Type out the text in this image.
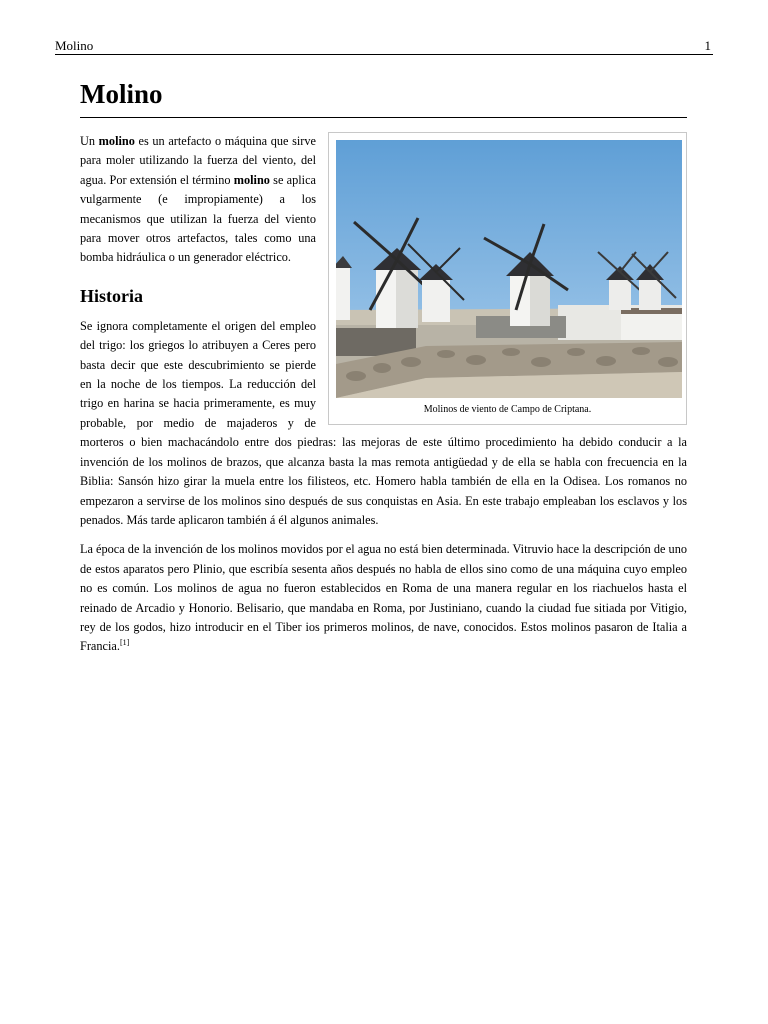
Molino	1
Molino
Molinos de viento de Campo de Criptana.

Un molino es un artefacto o máquina que sirve para moler utilizando la fuerza del viento, del agua. Por extensión el término molino se aplica vulgarmente (e impropiamente) a los mecanismos que utilizan la fuerza del viento para mover otros artefactos, tales como una bomba hidráulica o un generador eléctrico.

Historia

Se ignora completamente el origen del empleo del trigo: los griegos lo atribuyen a Ceres pero basta decir que este descubrimiento se pierde en la noche de los tiempos. La reducción del trigo en harina se hacia primeramente, es muy probable, por medio de majaderos y de morteros o bien machacándolo entre dos piedras: las mejoras de este último procedimiento ha debido conducir a la invención de los molinos de brazos, que alcanza basta la mas remota antigüedad y de ella se habla con frecuencia en la Biblia: Sansón hizo girar la muela entre los filisteos, etc. Homero habla también de ella en la Odisea. Los romanos no empezaron a servirse de los molinos sino después de sus conquistas en Asia. En este trabajo empleaban los esclavos y los penados. Más tarde aplicaron también á él algunos animales.

La época de la invención de los molinos movidos por el agua no está bien determinada. Vitruvio hace la descripción de uno de estos aparatos pero Plinio, que escribía sesenta años después no habla de ellos sino como de una máquina cuyo empleo no es común. Los molinos de agua no fueron establecidos en Roma de una manera regular en los riachuelos hasta el reinado de Arcadio y Honorio. Belisario, que mandaba en Roma, por Justiniano, cuando la ciudad fue sitiada por Vitigio, rey de los godos, hizo introducir en el Tiber ios primeros molinos, de nave, conocidos. Estos molinos pasaron de Italia a Francia.[1]
